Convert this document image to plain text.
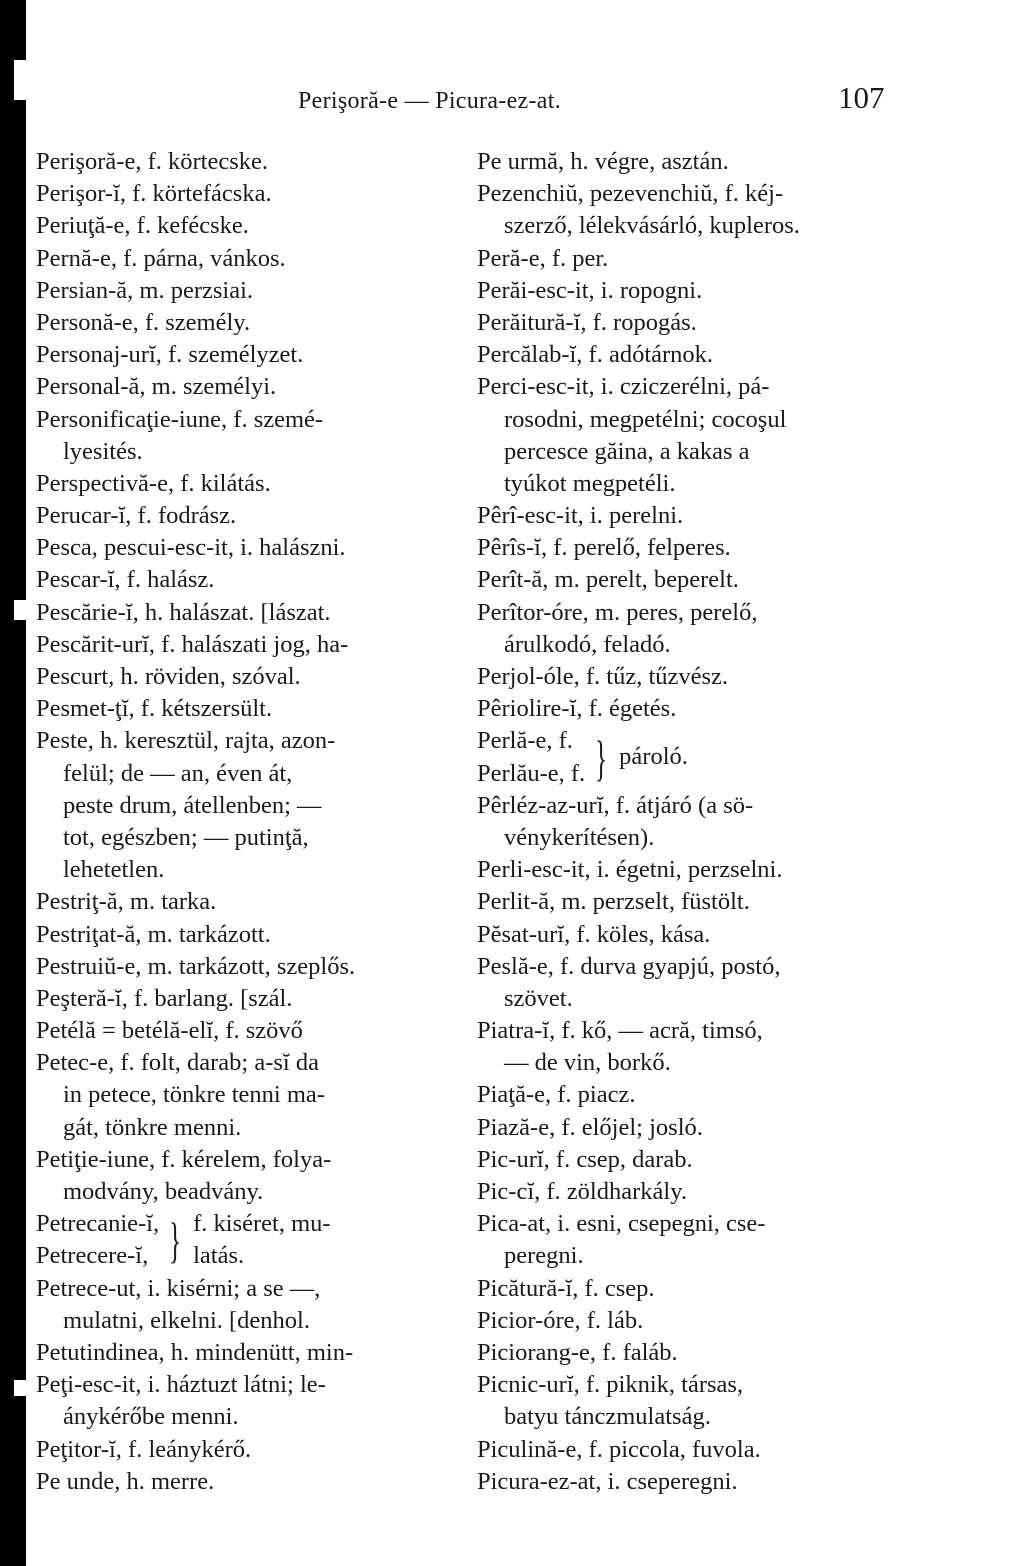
Perişoră-e — Picura-ez-at.	107
Perişoră-e, f. körtecske.
Perişor-ĭ, f. körtefácska.
Periuţă-e, f. kefécske.
Pernă-e, f. párna, vánkos.
Persian-ă, m. perzsiai.
Personă-e, f. személy.
Personaj-urĭ, f. személyzet.
Personal-ă, m. személyi.
Personificaţie-iune, f. szemé-
lyesités.
Perspectivă-e, f. kilátás.
Perucar-ĭ, f. fodrász.
Pesca, pescui-esc-it, i. halászni.
Pescar-ĭ, f. halász.
Pescărie-ĭ, h. halászat. [lászat.
Pescărit-urĭ, f. halászati jog, ha-
Pescurt, h. röviden, szóval.
Pesmet-ţĭ, f. kétszersült.
Peste, h. keresztül, rajta, azon-
felül; de — an, éven át,
peste drum, átellenben; —
tot, egészben; — putinţă,
lehetetlen.
Pestriţ-ă, m. tarka.
Pestriţat-ă, m. tarkázott.
Pestruiŭ-e, m. tarkázott, szeplős.
Peşteră-ĭ, f. barlang. [szál.
Petélă = betélă-elĭ, f. szövő
Petec-e, f. folt, darab; a-sĭ da
in petece, tönkre tenni ma-
gát, tönkre menni.
Petiţie-iune, f. kérelem, folya-
modvány, beadvány.
Petrecanie-ĭ,
Petrecere-ĭ, } f. kiséret, mu-
latás.
Petrece-ut, i. kisérni; a se —,
mulatni, elkelni. [denhol.
Petutindinea, h. mindenütt, min-
Peţi-esc-it, i. háztuzt látni; le-
ánykérőbe menni.
Peţitor-ĭ, f. leánykérő.
Pe unde, h. merre.
Pe urmă, h. végre, asztán.
Pezenchiŭ, pezevenchiŭ, f. kéj-
szerző, lélekvásárló, kupleros.
Peră-e, f. per.
Perăi-esc-it, i. ropogni.
Perăitură-ĭ, f. ropogás.
Percălab-ĭ, f. adótárnok.
Perci-esc-it, i. cziczerélni, pá-
rosodni, megpetélni; cocoşul
percesce găina, a kakas a
tyúkot megpetéli.
Pêrî-esc-it, i. perelni.
Pêrîs-ĭ, f. perelő, felperes.
Perît-ă, m. perelt, beperelt.
Perîtor-óre, m. peres, perelő,
árulkodó, feladó.
Perjol-óle, f. tűz, tűzvész.
Pêriolire-ĭ, f. égetés.
Perlă-e, f.
Perlău-e, f. } pároló.
Pêrléz-az-urĭ, f. átjáró (a sö-
vénykerítésen).
Perli-esc-it, i. égetni, perzselni.
Perlit-ă, m. perzselt, füstölt.
Pĕsat-urĭ, f. köles, kása.
Peslă-e, f. durva gyapjú, postó,
szövet.
Piatra-ĭ, f. kő, — acră, timsó,
— de vin, borkő.
Piaţă-e, f. piacz.
Piază-e, f. előjel; josló.
Pic-urĭ, f. csep, darab.
Pic-cĭ, f. zöldharkály.
Pica-at, i. esni, csepegni, cse-
peregni.
Picătură-ĭ, f. csep.
Picior-óre, f. láb.
Piciorang-e, f. faláb.
Picnic-urĭ, f. piknik, társas,
batyu tánczmulatság.
Piculină-e, f. piccola, fuvola.
Picura-ez-at, i. cseperegni.
